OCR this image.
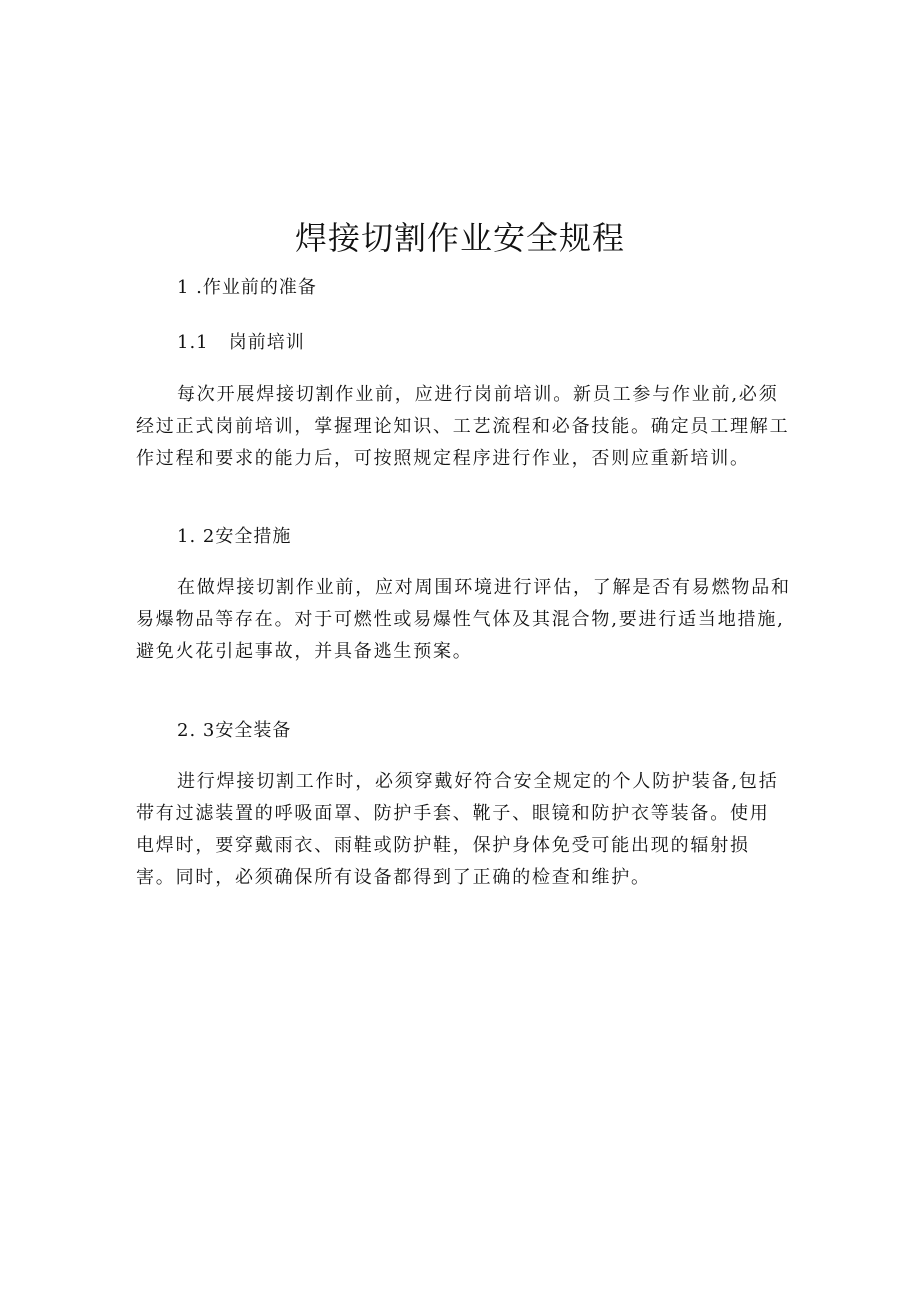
焊接切割作业安全规程

1 .作业前的准备

1.1   岗前培训

每次开展焊接切割作业前，应进行岗前培训。新员工参与作业前,必须
经过正式岗前培训，掌握理论知识、工艺流程和必备技能。确定员工理解工
作过程和要求的能力后，可按照规定程序进行作业，否则应重新培训。

1. 2安全措施

在做焊接切割作业前，应对周围环境进行评估，了解是否有易燃物品和
易爆物品等存在。对于可燃性或易爆性气体及其混合物,要进行适当地措施,
避免火花引起事故，并具备逃生预案。

2. 3安全装备

进行焊接切割工作时，必须穿戴好符合安全规定的个人防护装备,包括
带有过滤装置的呼吸面罩、防护手套、靴子、眼镜和防护衣等装备。使用
电焊时，要穿戴雨衣、雨鞋或防护鞋，保护身体免受可能出现的辐射损
害。同时，必须确保所有设备都得到了正确的检查和维护。
